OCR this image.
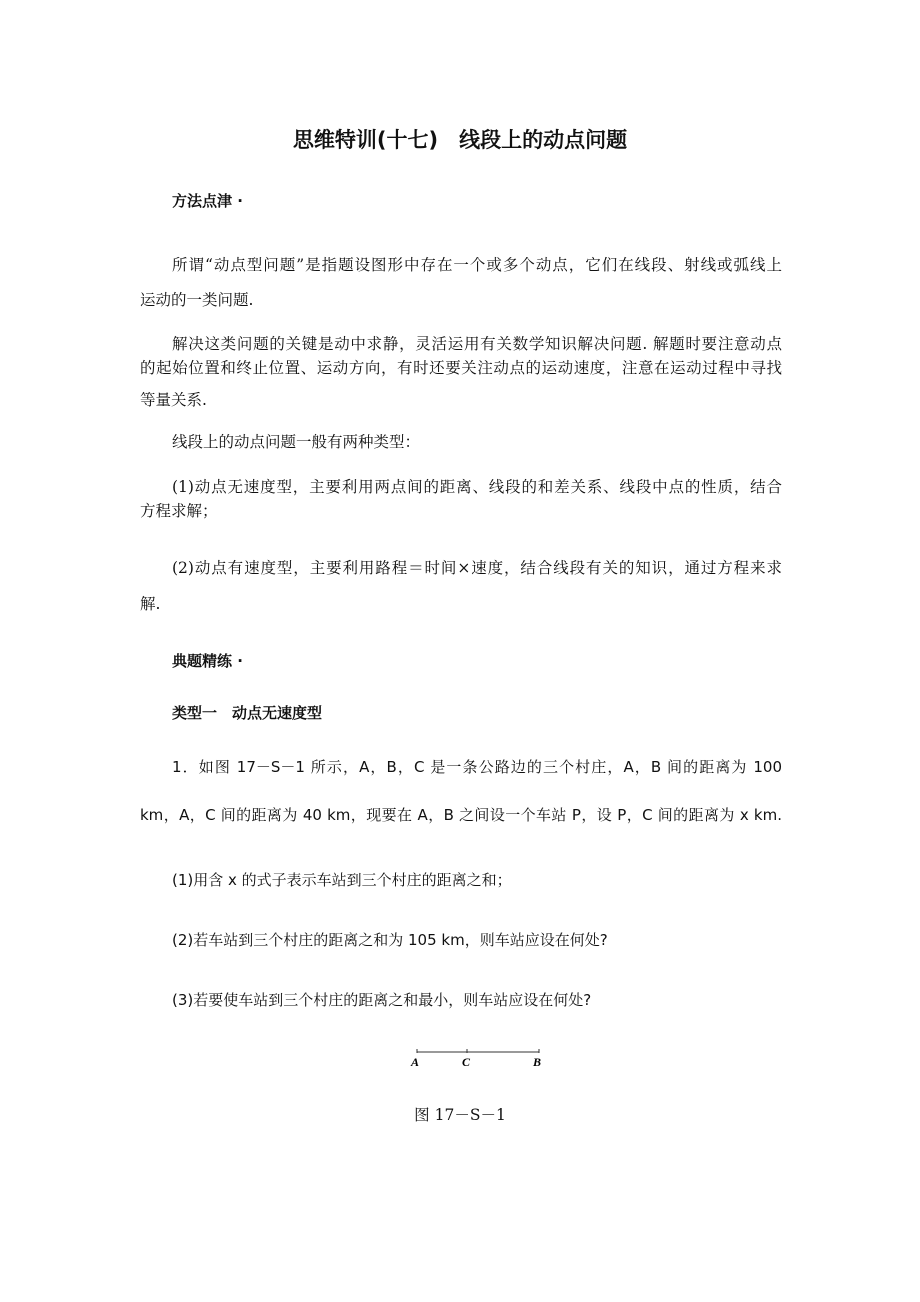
思维特训(十七)　线段上的动点问题
方法点津 ·
所谓“动点型问题”是指题设图形中存在一个或多个动点，它们在线段、射线或弧线上
运动的一类问题.
解决这类问题的关键是动中求静，灵活运用有关数学知识解决问题. 解题时要注意动点
的起始位置和终止位置、运动方向，有时还要关注动点的运动速度，注意在运动过程中寻找
等量关系.
线段上的动点问题一般有两种类型：
(1)动点无速度型，主要利用两点间的距离、线段的和差关系、线段中点的性质，结合
方程求解；
(2)动点有速度型，主要利用路程＝时间×速度，结合线段有关的知识，通过方程来求
解.
典题精练 ·
类型一　动点无速度型
1．如图 17－S－1 所示，A，B，C 是一条公路边的三个村庄，A，B 间的距离为 100
km，A，C 间的距离为 40 km，现要在 A，B 之间设一个车站 P，设 P，C 间的距离为 x km.
(1)用含 x 的式子表示车站到三个村庄的距离之和；
(2)若车站到三个村庄的距离之和为 105 km，则车站应设在何处?
(3)若要使车站到三个村庄的距离之和最小，则车站应设在何处?
A	C	B
图 17－S－1
